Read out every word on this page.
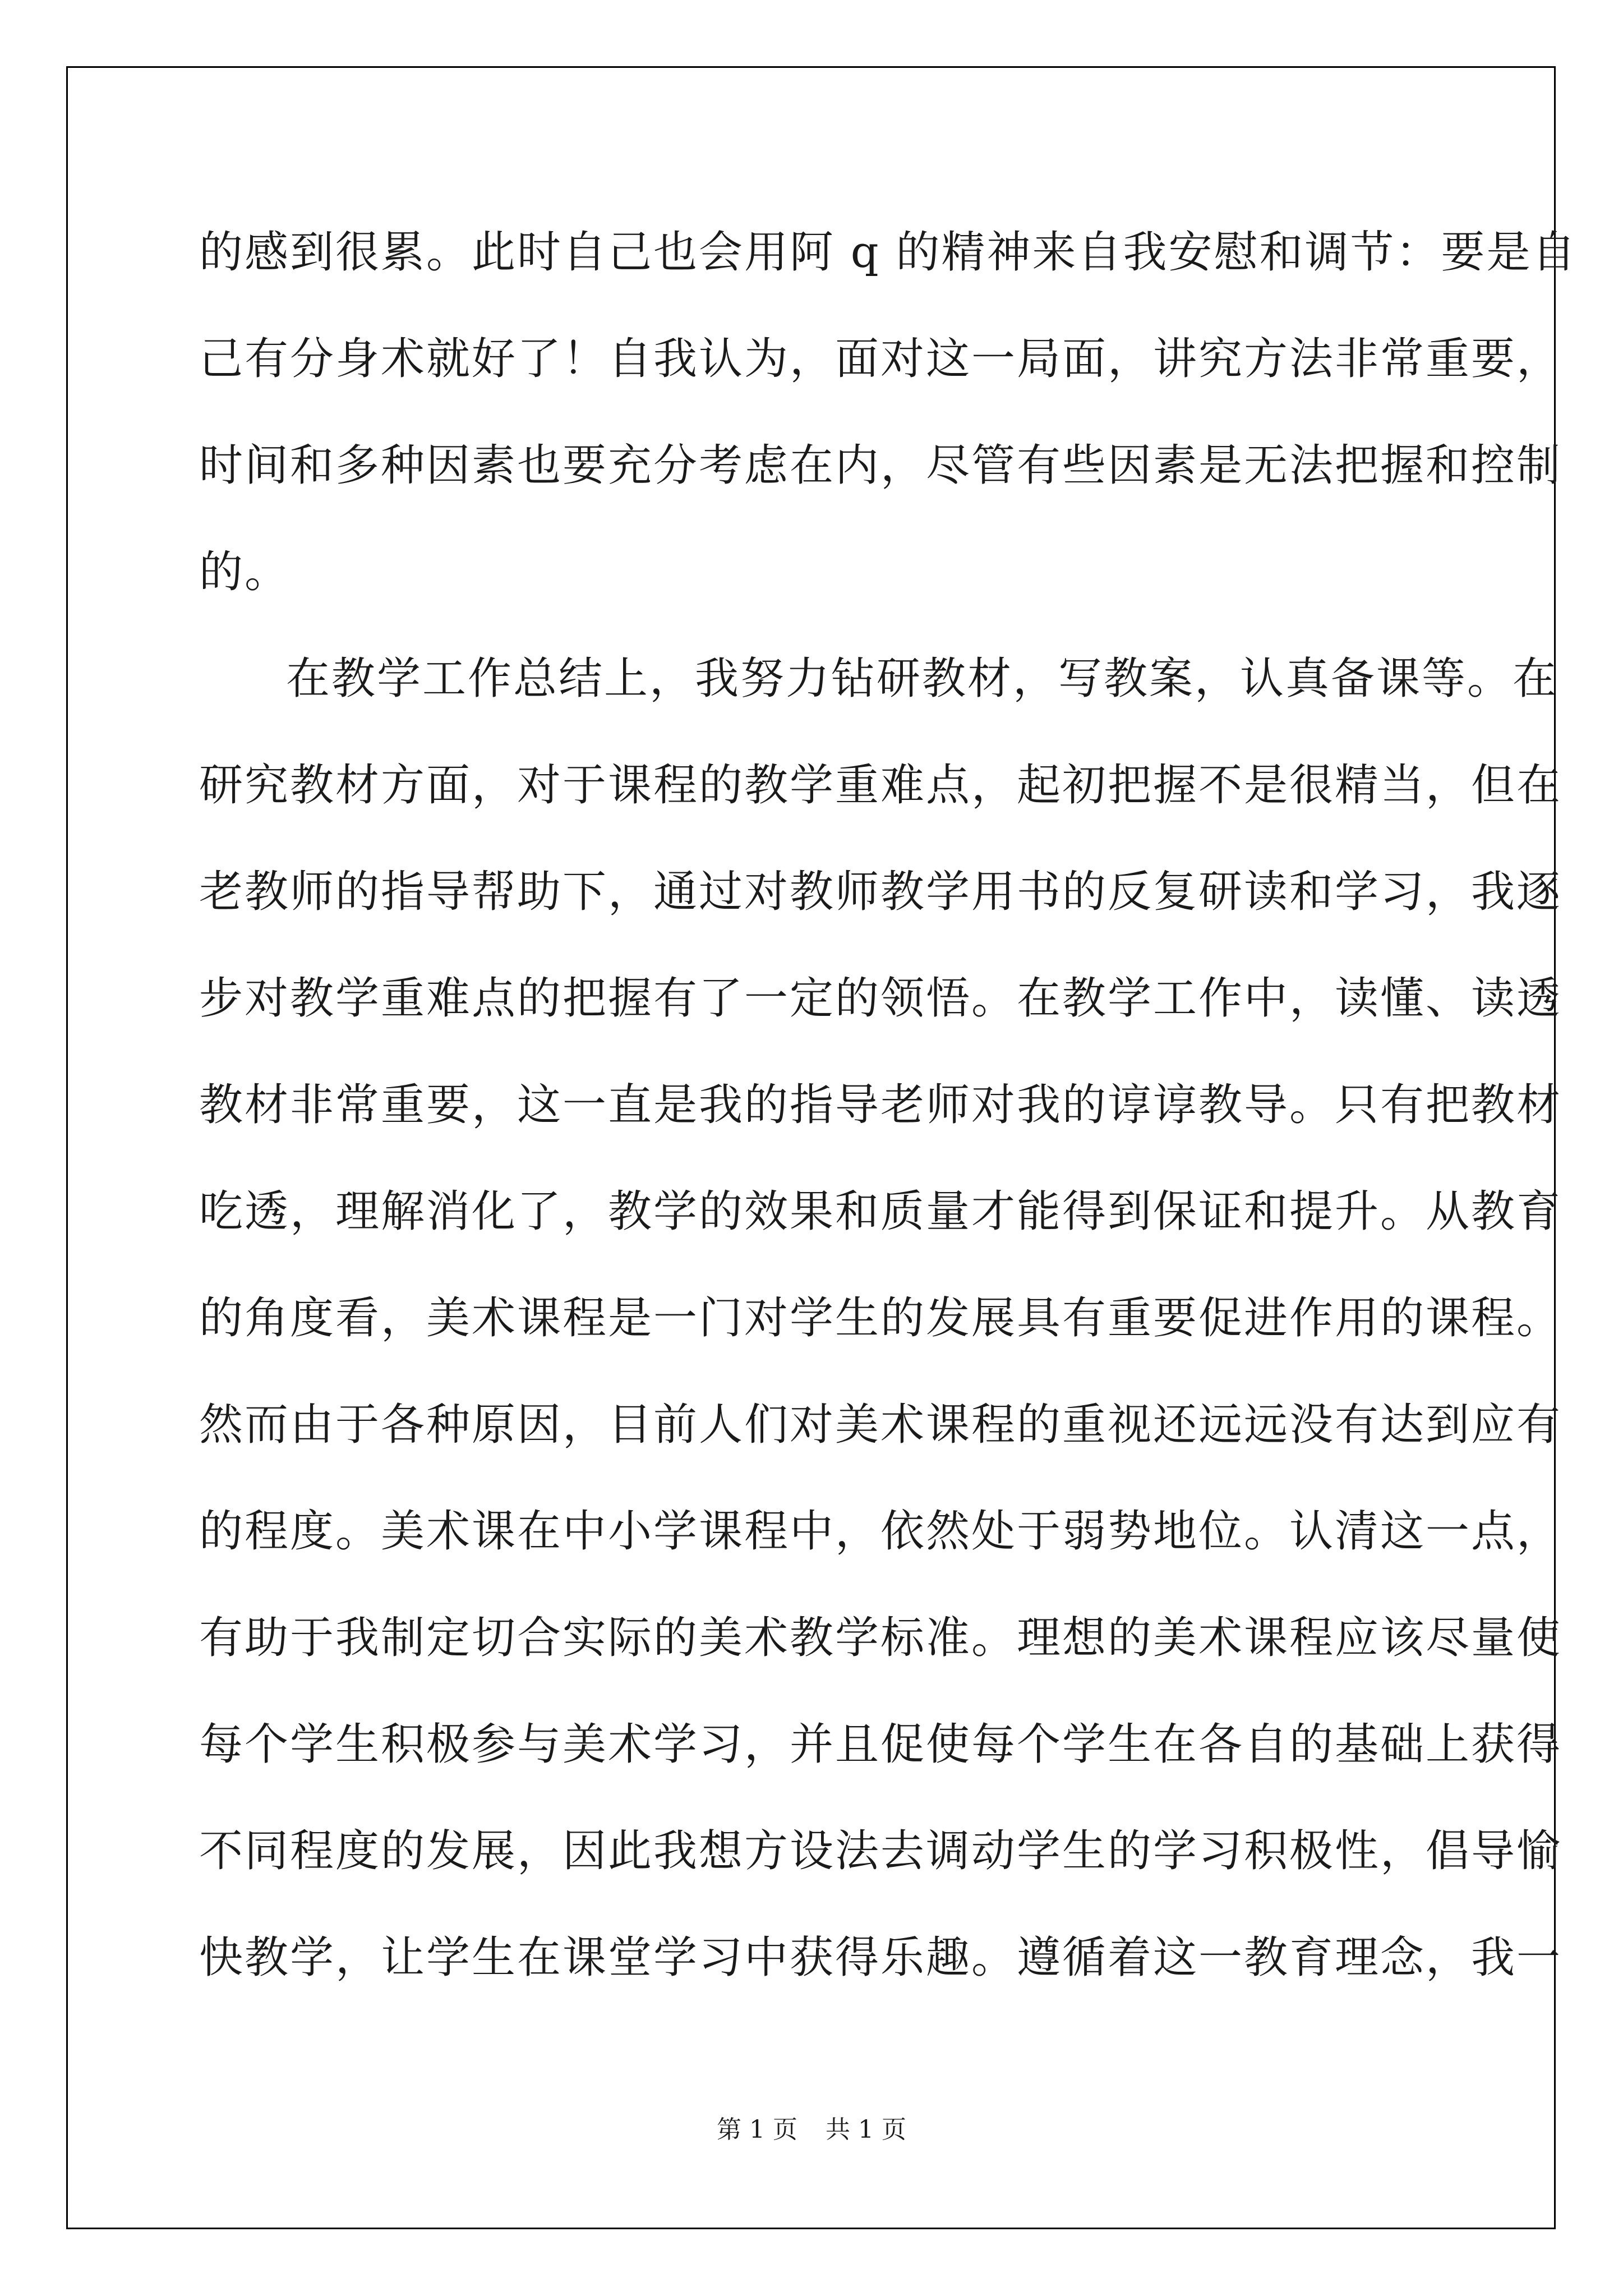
的感到很累。此时自己也会用阿 q 的精神来自我安慰和调节：要是自
己有分身术就好了！自我认为，面对这一局面，讲究方法非常重要，
时间和多种因素也要充分考虑在内，尽管有些因素是无法把握和控制
的。
在教学工作总结上，我努力钻研教材，写教案，认真备课等。在
研究教材方面，对于课程的教学重难点，起初把握不是很精当，但在
老教师的指导帮助下，通过对教师教学用书的反复研读和学习，我逐
步对教学重难点的把握有了一定的领悟。在教学工作中，读懂、读透
教材非常重要，这一直是我的指导老师对我的谆谆教导。只有把教材
吃透，理解消化了，教学的效果和质量才能得到保证和提升。从教育
的角度看，美术课程是一门对学生的发展具有重要促进作用的课程。
然而由于各种原因，目前人们对美术课程的重视还远远没有达到应有
的程度。美术课在中小学课程中，依然处于弱势地位。认清这一点，
有助于我制定切合实际的美术教学标准。理想的美术课程应该尽量使
每个学生积极参与美术学习，并且促使每个学生在各自的基础上获得
不同程度的发展，因此我想方设法去调动学生的学习积极性，倡导愉
快教学，让学生在课堂学习中获得乐趣。遵循着这一教育理念，我一
第 1 页 共 1 页
